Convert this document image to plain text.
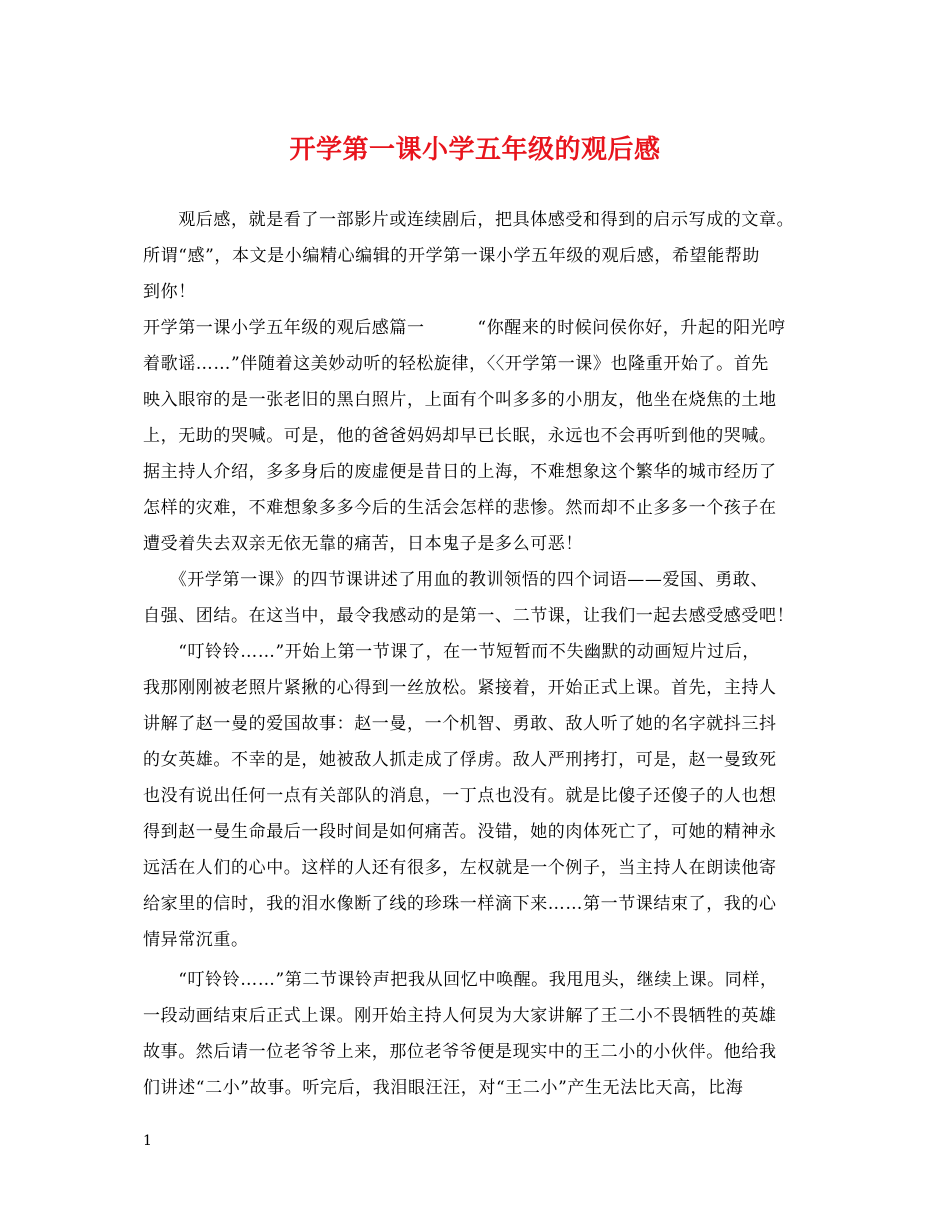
开学第一课小学五年级的观后感
　　观后感，就是看了一部影片或连续剧后，把具体感受和得到的启示写成的文章。
所谓“感”，本文是小编精心编辑的开学第一课小学五年级的观后感，希望能帮助
到你！
开学第一课小学五年级的观后感篇一　　　“你醒来的时候问侯你好，升起的阳光哼
着歌谣……”伴随着这美妙动听的轻松旋律，〈〈开学第一课》也隆重开始了。首先
映入眼帘的是一张老旧的黑白照片，上面有个叫多多的小朋友，他坐在烧焦的土地
上，无助的哭喊。可是，他的爸爸妈妈却早已长眠，永远也不会再听到他的哭喊。
据主持人介绍，多多身后的废虚便是昔日的上海，不难想象这个繁华的城市经历了
怎样的灾难，不难想象多多今后的生活会怎样的悲惨。然而却不止多多一个孩子在
遭受着失去双亲无依无靠的痛苦，日本鬼子是多么可恶！
　　《开学第一课》的四节课讲述了用血的教训领悟的四个词语——爱国、勇敢、
自强、团结。在这当中，最令我感动的是第一、二节课，让我们一起去感受感受吧！
　　“叮铃铃……”开始上第一节课了，在一节短暂而不失幽默的动画短片过后，
我那刚刚被老照片紧揪的心得到一丝放松。紧接着，开始正式上课。首先，主持人
讲解了赵一曼的爱国故事：赵一曼，一个机智、勇敢、敌人听了她的名字就抖三抖
的女英雄。不幸的是，她被敌人抓走成了俘虏。敌人严刑拷打，可是，赵一曼致死
也没有说出任何一点有关部队的消息，一丁点也没有。就是比傻子还傻子的人也想
得到赵一曼生命最后一段时间是如何痛苦。没错，她的肉体死亡了，可她的精神永
远活在人们的心中。这样的人还有很多，左权就是一个例子，当主持人在朗读他寄
给家里的信时，我的泪水像断了线的珍珠一样滴下来……第一节课结束了，我的心
情异常沉重。
　　“叮铃铃……”第二节课铃声把我从回忆中唤醒。我甩甩头，继续上课。同样，
一段动画结束后正式上课。刚开始主持人何炅为大家讲解了王二小不畏牺牲的英雄
故事。然后请一位老爷爷上来，那位老爷爷便是现实中的王二小的小伙伴。他给我
们讲述“二小”故事。听完后，我泪眼汪汪，对“王二小”产生无法比天高，比海
1
